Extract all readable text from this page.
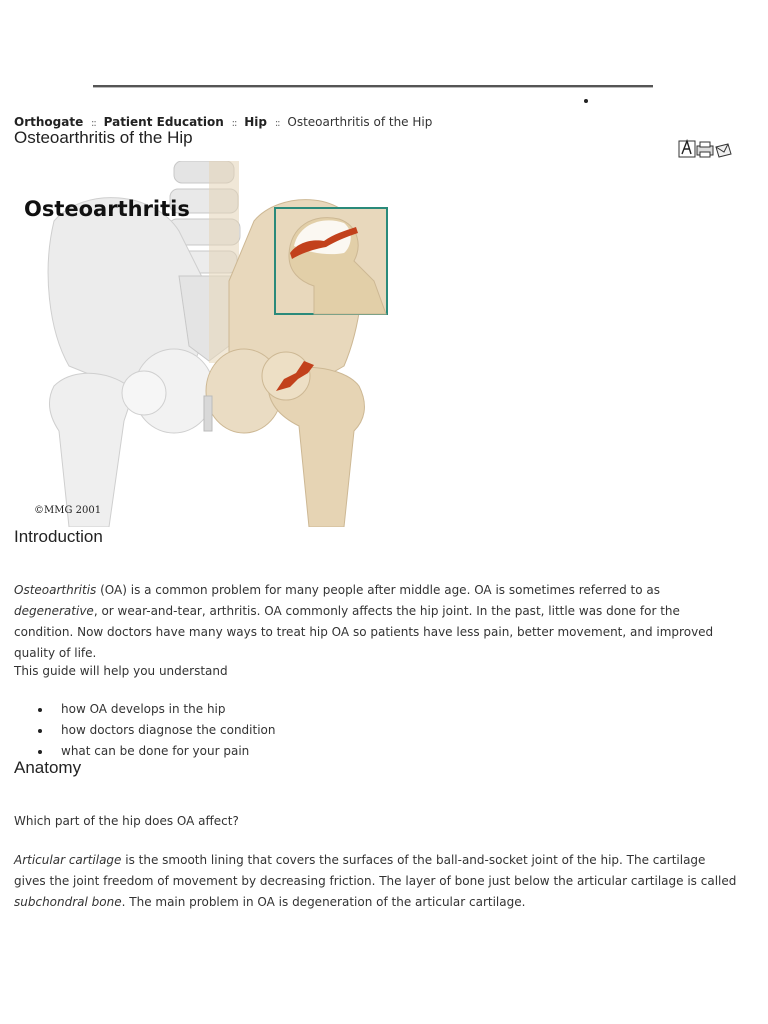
Orthogate :: Patient Education :: Hip :: Osteoarthritis of the Hip
Osteoarthritis of the Hip
Osteoarthritis
©MMG 2001
Introduction

Osteoarthritis (OA) is a common problem for many people after middle age. OA is sometimes referred to as degenerative, or wear-and-tear, arthritis. OA commonly affects the hip joint. In the past, little was done for the condition. Now doctors have many ways to treat hip OA so patients have less pain, better movement, and improved quality of life.

This guide will help you understand

how OA develops in the hip
how doctors diagnose the condition
what can be done for your pain
Anatomy

Which part of the hip does OA affect?

Articular cartilage is the smooth lining that covers the surfaces of the ball-and-socket joint of the hip. The cartilage gives the joint freedom of movement by decreasing friction. The layer of bone just below the articular cartilage is called subchondral bone. The main problem in OA is degeneration of the articular cartilage.
